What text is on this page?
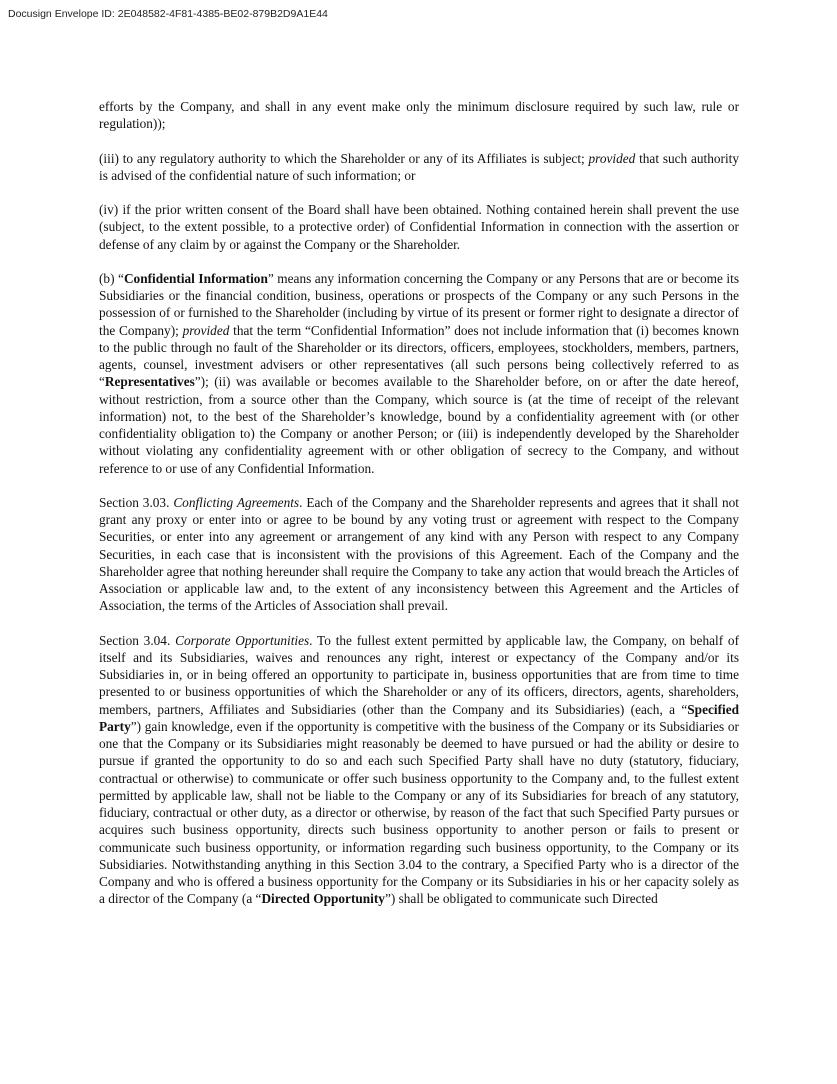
Docusign Envelope ID: 2E048582-4F81-4385-BE02-879B2D9A1E44

efforts by the Company, and shall in any event make only the minimum disclosure required by such law, rule or regulation));

(iii) to any regulatory authority to which the Shareholder or any of its Affiliates is subject; provided that such authority is advised of the confidential nature of such information; or

(iv) if the prior written consent of the Board shall have been obtained. Nothing contained herein shall prevent the use (subject, to the extent possible, to a protective order) of Confidential Information in connection with the assertion or defense of any claim by or against the Company or the Shareholder.

(b) “Confidential Information” means any information concerning the Company or any Persons that are or become its Subsidiaries or the financial condition, business, operations or prospects of the Company or any such Persons in the possession of or furnished to the Shareholder (including by virtue of its present or former right to designate a director of the Company); provided that the term “Confidential Information” does not include information that (i) becomes known to the public through no fault of the Shareholder or its directors, officers, employees, stockholders, members, partners, agents, counsel, investment advisers or other representatives (all such persons being collectively referred to as “Representatives”); (ii) was available or becomes available to the Shareholder before, on or after the date hereof, without restriction, from a source other than the Company, which source is (at the time of receipt of the relevant information) not, to the best of the Shareholder’s knowledge, bound by a confidentiality agreement with (or other confidentiality obligation to) the Company or another Person; or (iii) is independently developed by the Shareholder without violating any confidentiality agreement with or other obligation of secrecy to the Company, and without reference to or use of any Confidential Information.

Section 3.03. Conflicting Agreements. Each of the Company and the Shareholder represents and agrees that it shall not grant any proxy or enter into or agree to be bound by any voting trust or agreement with respect to the Company Securities, or enter into any agreement or arrangement of any kind with any Person with respect to any Company Securities, in each case that is inconsistent with the provisions of this Agreement. Each of the Company and the Shareholder agree that nothing hereunder shall require the Company to take any action that would breach the Articles of Association or applicable law and, to the extent of any inconsistency between this Agreement and the Articles of Association, the terms of the Articles of Association shall prevail.

Section 3.04. Corporate Opportunities. To the fullest extent permitted by applicable law, the Company, on behalf of itself and its Subsidiaries, waives and renounces any right, interest or expectancy of the Company and/or its Subsidiaries in, or in being offered an opportunity to participate in, business opportunities that are from time to time presented to or business opportunities of which the Shareholder or any of its officers, directors, agents, shareholders, members, partners, Affiliates and Subsidiaries (other than the Company and its Subsidiaries) (each, a “Specified Party”) gain knowledge, even if the opportunity is competitive with the business of the Company or its Subsidiaries or one that the Company or its Subsidiaries might reasonably be deemed to have pursued or had the ability or desire to pursue if granted the opportunity to do so and each such Specified Party shall have no duty (statutory, fiduciary, contractual or otherwise) to communicate or offer such business opportunity to the Company and, to the fullest extent permitted by applicable law, shall not be liable to the Company or any of its Subsidiaries for breach of any statutory, fiduciary, contractual or other duty, as a director or otherwise, by reason of the fact that such Specified Party pursues or acquires such business opportunity, directs such business opportunity to another person or fails to present or communicate such business opportunity, or information regarding such business opportunity, to the Company or its Subsidiaries. Notwithstanding anything in this Section 3.04 to the contrary, a Specified Party who is a director of the Company and who is offered a business opportunity for the Company or its Subsidiaries in his or her capacity solely as a director of the Company (a “Directed Opportunity”) shall be obligated to communicate such Directed
